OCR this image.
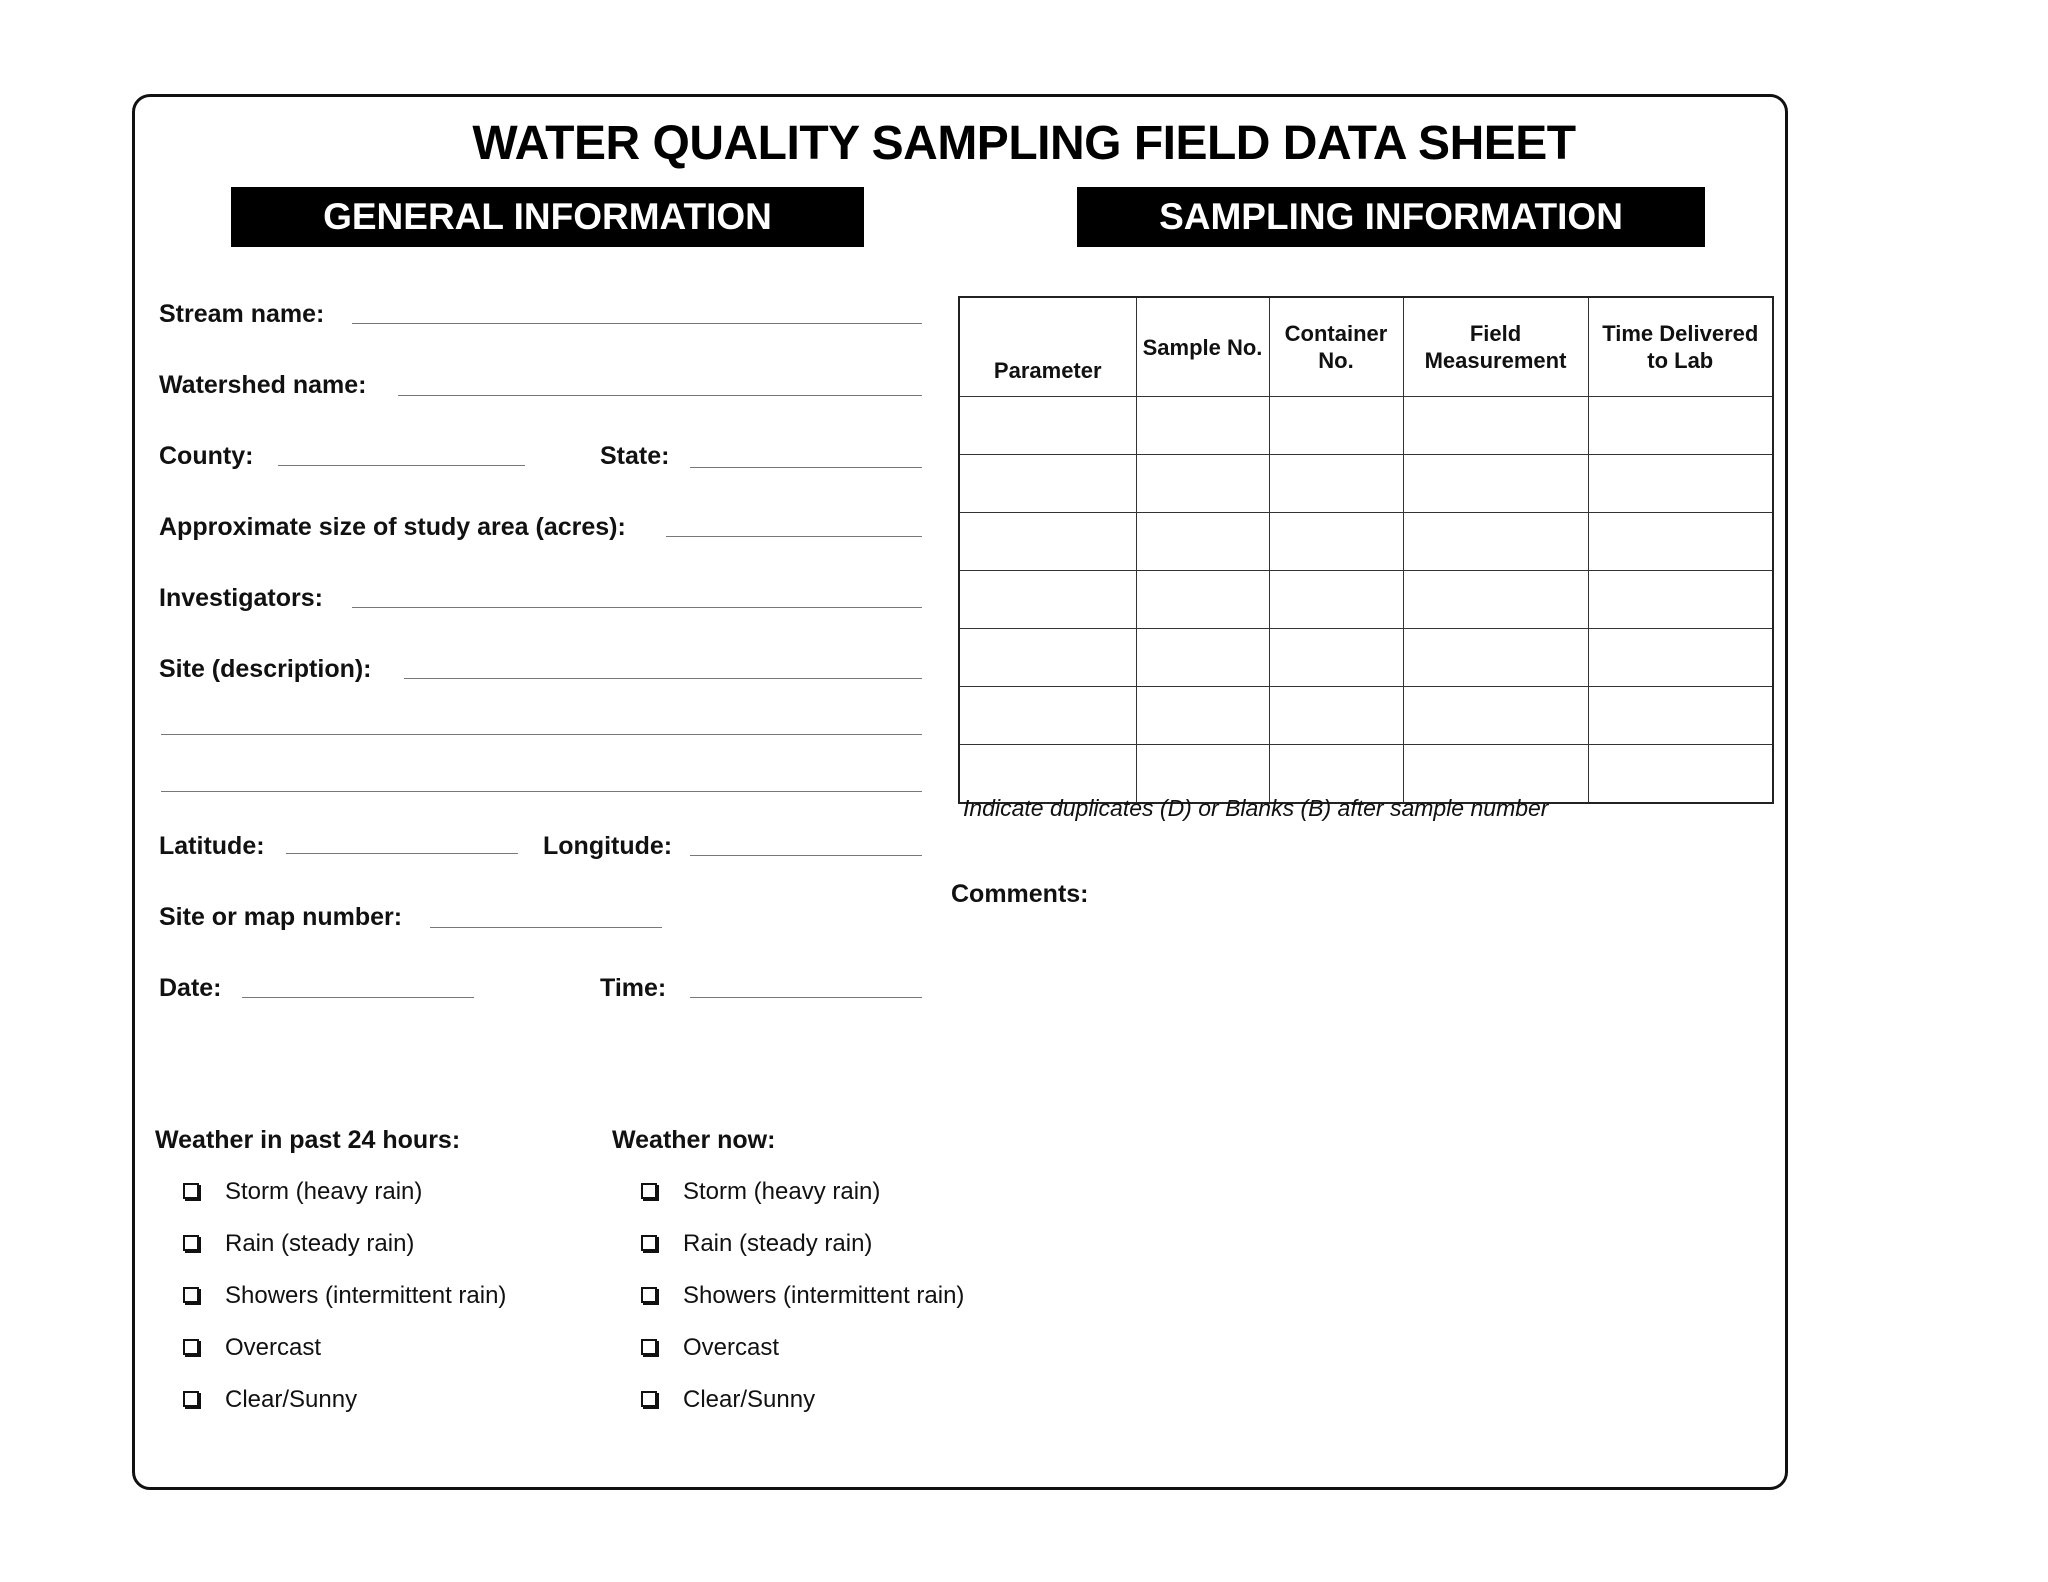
WATER QUALITY SAMPLING FIELD DATA SHEET
GENERAL INFORMATION	SAMPLING INFORMATION
Stream name:
Watershed name:
County:	State:
Approximate size of study area (acres):
Investigators:
Site (description):
Latitude:	Longitude:
Site or map number:
Date:	Time:
Parameter	Sample No.	Container No.	Field Measurement	Time Delivered to Lab

Indicate duplicates (D) or Blanks (B) after sample number
Comments:
Weather in past 24 hours:
Storm (heavy rain)
Rain (steady rain)
Showers (intermittent rain)
Overcast
Clear/Sunny
Weather now:
Storm (heavy rain)
Rain (steady rain)
Showers (intermittent rain)
Overcast
Clear/Sunny
